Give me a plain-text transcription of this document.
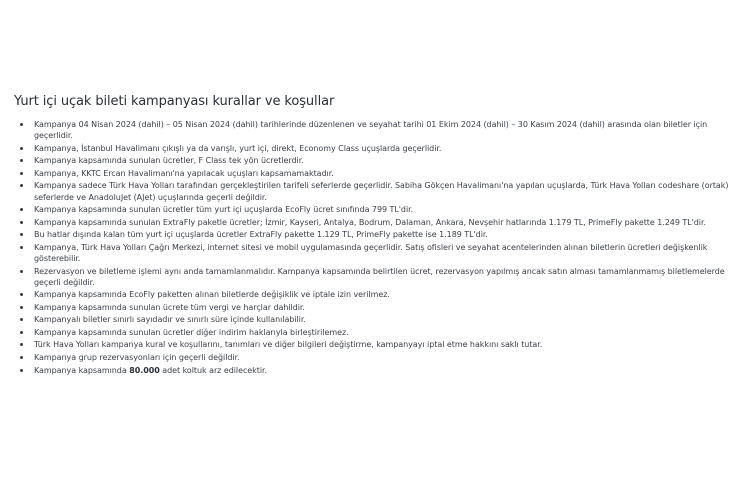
Yurt içi uçak bileti kampanyası kurallar ve koşullar
Kampanya 04 Nisan 2024 (dahil) – 05 Nisan 2024 (dahil) tarihlerinde düzenlenen ve seyahat tarihi 01 Ekim 2024 (dahil) – 30 Kasım 2024 (dahil) arasında olan biletler için geçerlidir.
Kampanya, İstanbul Havalimanı çıkışlı ya da varışlı, yurt içi, direkt, Economy Class uçuşlarda geçerlidir.
Kampanya kapsamında sunulan ücretler, F Class tek yön ücretlerdir.
Kampanya, KKTC Ercan Havalimanı'na yapılacak uçuşları kapsamamaktadır.
Kampanya sadece Türk Hava Yolları tarafından gerçekleştirilen tarifeli seferlerde geçerlidir. Sabiha Gökçen Havalimanı'na yapılan uçuşlarda, Türk Hava Yolları codeshare (ortak) seferlerde ve AnadoluJet (AJet) uçuşlarında geçerli değildir.
Kampanya kapsamında sunulan ücretler tüm yurt içi uçuşlarda EcoFly ücret sınıfında 799 TL'dir.
Kampanya kapsamında sunulan ExtraFly paketle ücretler; İzmir, Kayseri, Antalya, Bodrum, Dalaman, Ankara, Nevşehir hatlarında 1.179 TL, PrimeFly pakette 1.249 TL'dir.
Bu hatlar dışında kalan tüm yurt içi uçuşlarda ücretler ExtraFly pakette 1.129 TL, PrimeFly pakette ise 1.189 TL'dir.
Kampanya, Türk Hava Yolları Çağrı Merkezi, internet sitesi ve mobil uygulamasında geçerlidir. Satış ofisleri ve seyahat acentelerinden alınan biletlerin ücretleri değişkenlik gösterebilir.
Rezervasyon ve biletleme işlemi aynı anda tamamlanmalıdır. Kampanya kapsamında belirtilen ücret, rezervasyon yapılmış ancak satın alması tamamlanmamış biletlemelerde geçerli değildir.
Kampanya kapsamında EcoFly paketten alınan biletlerde değişiklik ve iptale izin verilmez.
Kampanya kapsamında sunulan ücrete tüm vergi ve harçlar dahildir.
Kampanyalı biletler sınırlı sayıdadır ve sınırlı süre içinde kullanılabilir.
Kampanya kapsamında sunulan ücretler diğer indirim haklarıyla birleştirilemez.
Türk Hava Yolları kampanya kural ve koşullarını, tanımları ve diğer bilgileri değiştirme, kampanyayı iptal etme hakkını saklı tutar.
Kampanya grup rezervasyonları için geçerli değildir.
Kampanya kapsamında 80.000 adet koltuk arz edilecektir.
